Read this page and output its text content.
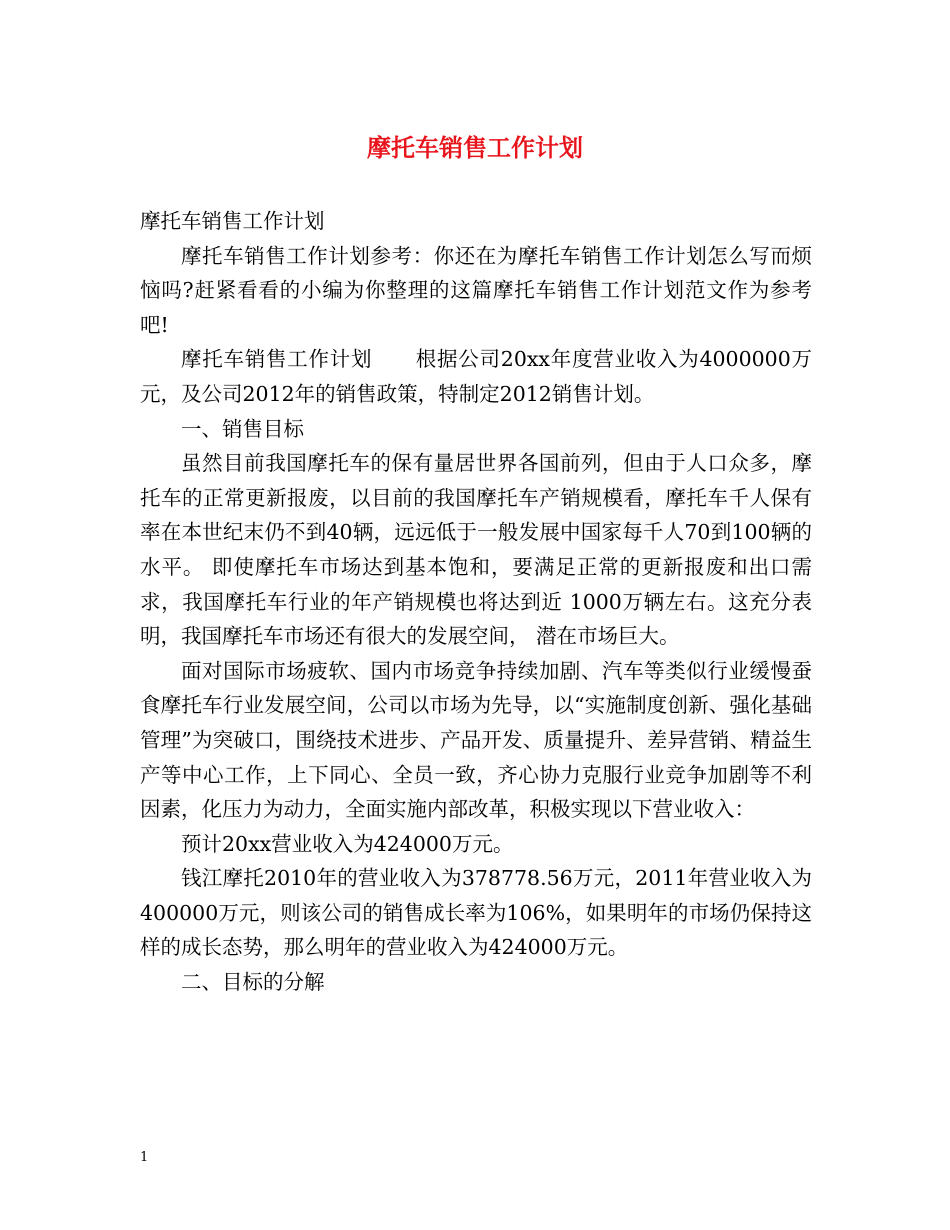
摩托车销售工作计划

摩托车销售工作计划

摩托车销售工作计划参考：你还在为摩托车销售工作计划怎么写而烦恼吗?赶紧看看的小编为你整理的这篇摩托车销售工作计划范文作为参考吧!

摩托车销售工作计划 根据公司20xx年度营业收入为4000000万元，及公司2012年的销售政策，特制定2012销售计划。

一、销售目标

虽然目前我国摩托车的保有量居世界各国前列，但由于人口众多，摩托车的正常更新报废，以目前的我国摩托车产销规模看，摩托车千人保有率在本世纪末仍不到40辆，远远低于一般发展中国家每千人70到100辆的水平。 即使摩托车市场达到基本饱和，要满足正常的更新报废和出口需求，我国摩托车行业的年产销规模也将达到近 1000万辆左右。这充分表明，我国摩托车市场还有很大的发展空间， 潜在市场巨大。

面对国际市场疲软、国内市场竞争持续加剧、汽车等类似行业缓慢蚕食摩托车行业发展空间，公司以市场为先导，以“实施制度创新、强化基础管理”为突破口，围绕技术进步、产品开发、质量提升、差异营销、精益生产等中心工作，上下同心、全员一致，齐心协力克服行业竞争加剧等不利因素，化压力为动力，全面实施内部改革，积极实现以下营业收入：

预计20xx营业收入为424000万元。

钱江摩托2010年的营业收入为378778.56万元，2011年营业收入为400000万元，则该公司的销售成长率为106%，如果明年的市场仍保持这样的成长态势，那么明年的营业收入为424000万元。

二、目标的分解

1
